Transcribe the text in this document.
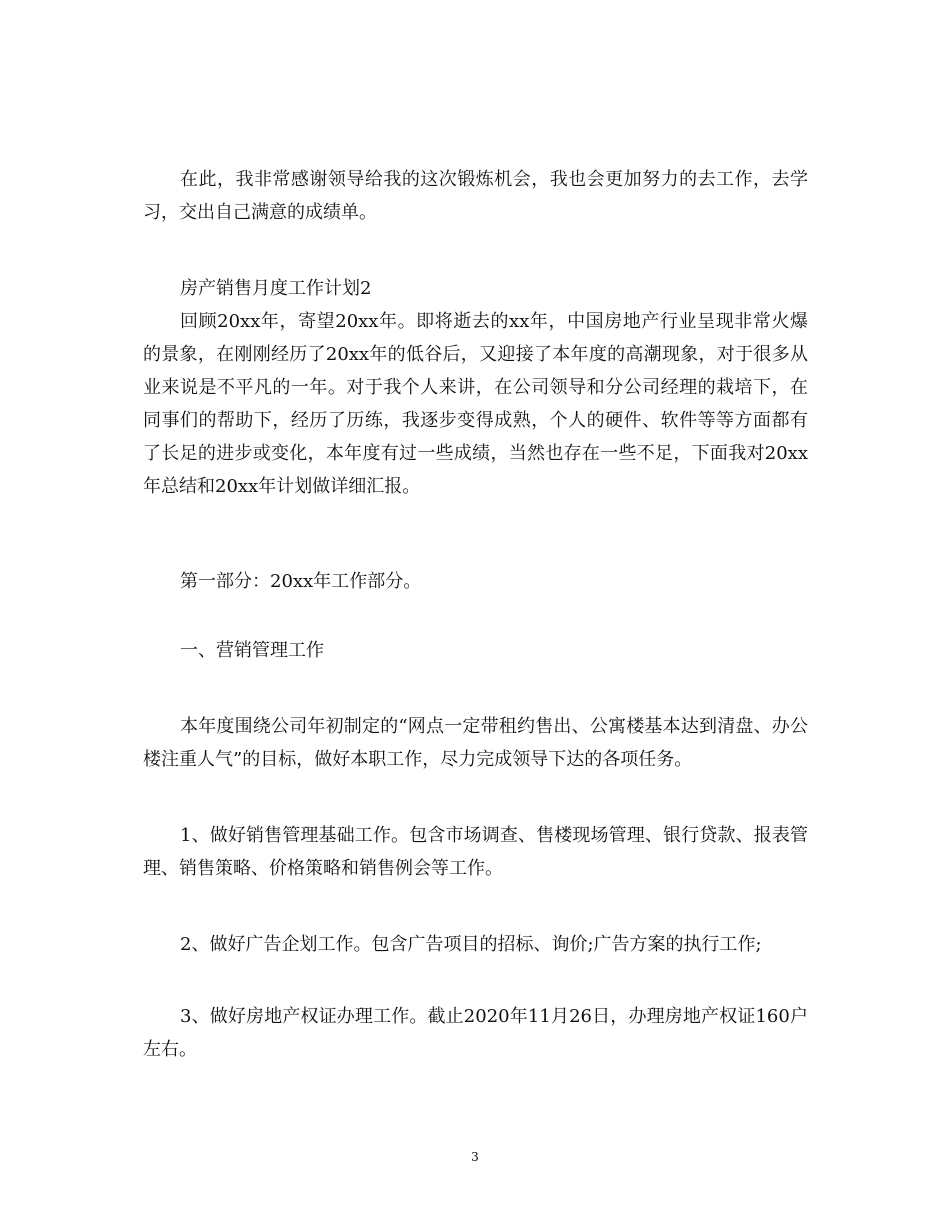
在此，我非常感谢领导给我的这次锻炼机会，我也会更加努力的去工作，去学习，交出自己满意的成绩单。

房产销售月度工作计划2

回顾20xx年，寄望20xx年。即将逝去的xx年，中国房地产行业呈现非常火爆的景象，在刚刚经历了20xx年的低谷后，又迎接了本年度的高潮现象，对于很多从业来说是不平凡的一年。对于我个人来讲，在公司领导和分公司经理的栽培下，在同事们的帮助下，经历了历练，我逐步变得成熟，个人的硬件、软件等等方面都有了长足的进步或变化，本年度有过一些成绩，当然也存在一些不足，下面我对20xx年总结和20xx年计划做详细汇报。

第一部分：20xx年工作部分。

一、营销管理工作

本年度围绕公司年初制定的“网点一定带租约售出、公寓楼基本达到清盘、办公楼注重人气”的目标，做好本职工作，尽力完成领导下达的各项任务。

1、做好销售管理基础工作。包含市场调查、售楼现场管理、银行贷款、报表管理、销售策略、价格策略和销售例会等工作。

2、做好广告企划工作。包含广告项目的招标、询价;广告方案的执行工作;

3、做好房地产权证办理工作。截止2020年11月26日，办理房地产权证160户左右。

3
